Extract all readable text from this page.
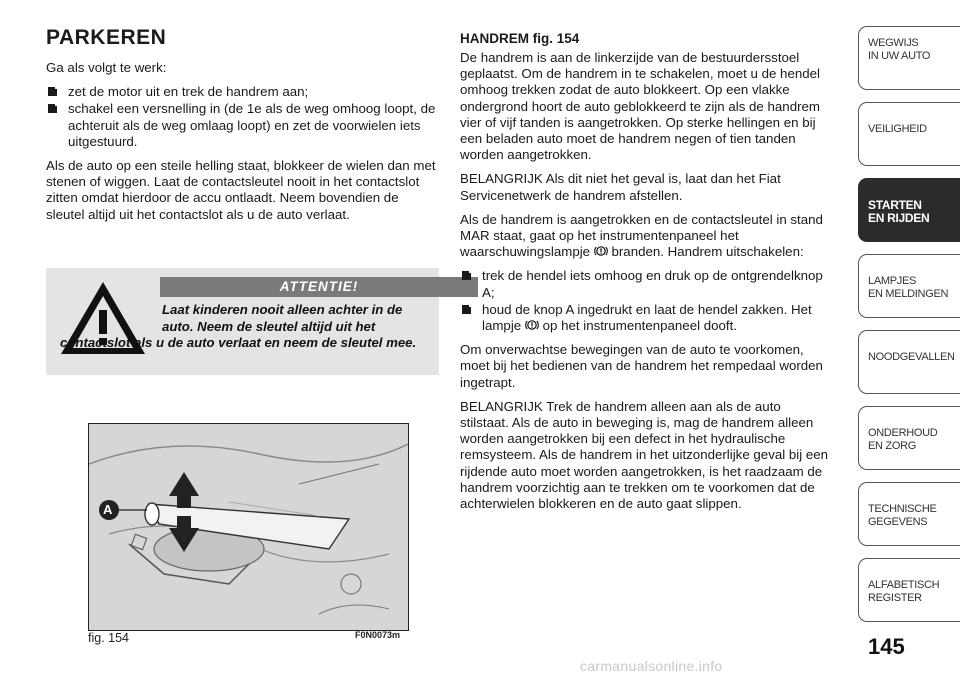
PARKEREN

Ga als volgt te werk:

zet de motor uit en trek de handrem aan;
schakel een versnelling in (de 1e als de weg omhoog loopt, de achteruit als de weg omlaag loopt) en zet de voorwielen iets uitgestuurd.

Als de auto op een steile helling staat, blokkeer de wielen dan met stenen of wiggen. Laat de contactsleutel nooit in het contactslot zitten omdat hierdoor de accu ontlaadt. Neem bovendien de sleutel altijd uit het contactslot als u de auto verlaat.

ATTENTIE!
Laat kinderen nooit alleen achter in de
auto. Neem de sleutel altijd uit het
contactslot als u de auto verlaat en neem de sleutel mee.
A
fig. 154	F0N0073m
HANDREM fig. 154

De handrem is aan de linkerzijde van de bestuurdersstoel geplaatst. Om de handrem in te schakelen, moet u de hendel omhoog trekken zodat de auto blokkeert. Op een vlakke ondergrond hoort de auto geblokkeerd te zijn als de handrem vier of vijf tanden is aangetrokken. Op sterke hellingen en bij een beladen auto moet de handrem negen of tien tanden worden aangetrokken.

BELANGRIJK Als dit niet het geval is, laat dan het Fiat Servicenetwerk de handrem afstellen.

Als de handrem is aangetrokken en de contactsleutel in stand MAR staat, gaat op het instrumentenpaneel het waarschuwingslampje branden. Handrem uitschakelen:

trek de hendel iets omhoog en druk op de ontgrendelknop A;
houd de knop A ingedrukt en laat de hendel zakken. Het lampje op het instrumentenpaneel dooft.

Om onverwachtse bewegingen van de auto te voorkomen, moet bij het bedienen van de handrem het rempedaal worden ingetrapt.

BELANGRIJK Trek de handrem alleen aan als de auto stilstaat. Als de auto in beweging is, mag de handrem alleen worden aangetrokken bij een defect in het hydraulische remsysteem. Als de handrem in het uitzonderlijke geval bij een rijdende auto moet worden aangetrokken, is het raadzaam de handrem voorzichtig aan te trekken om te voorkomen dat de achterwielen blokkeren en de auto gaat slippen.

WEGWIJS
IN UW AUTO
VEILIGHEID
STARTEN
EN RIJDEN
LAMPJES
EN MELDINGEN
NOODGEVALLEN
ONDERHOUD
EN ZORG
TECHNISCHE
GEGEVENS
ALFABETISCH
REGISTER
145
carmanualsonline.info
